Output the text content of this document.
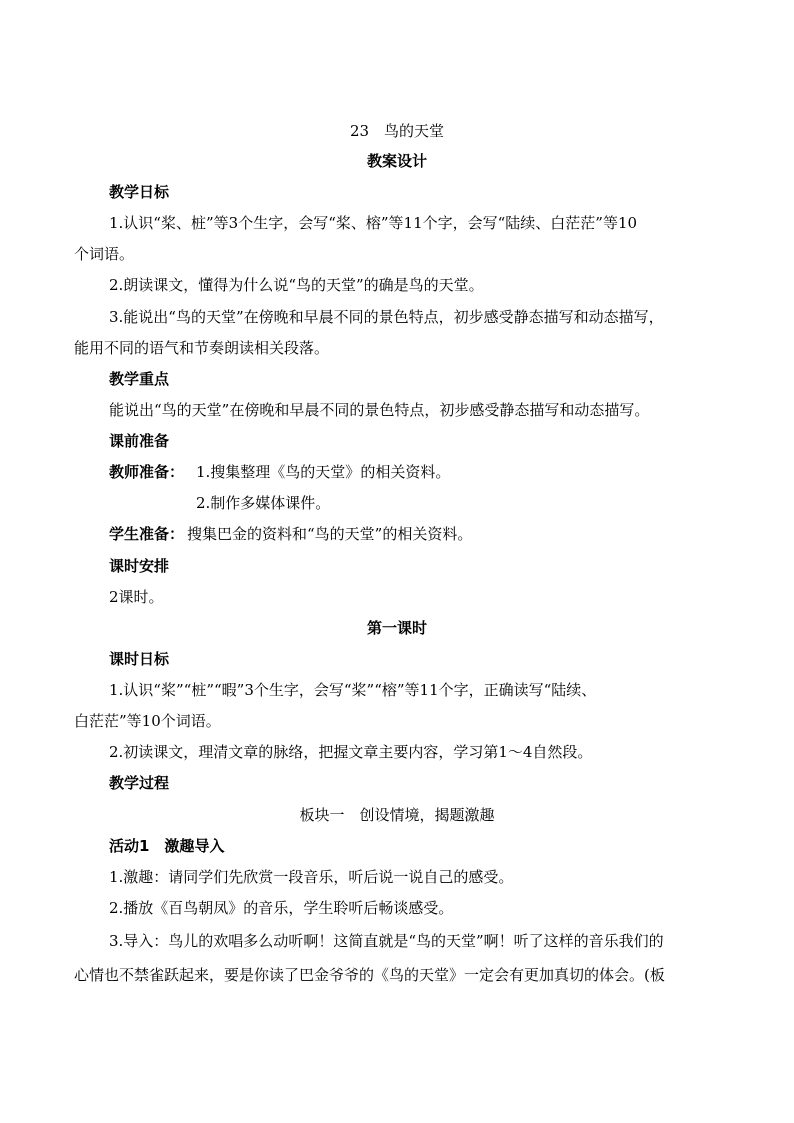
23　鸟的天堂
教案设计
教学日标
1.认识“桨、桩”等3个生字，会写“桨、榕”等11个字，会写“陆续、白茫茫”等10
个词语。
2.朗读课文，懂得为什么说“鸟的天堂”的确是鸟的天堂。
3.能说出“鸟的天堂”在傍晚和早晨不同的景色特点，初步感受静态描写和动态描写，
能用不同的语气和节奏朗读相关段落。
教学重点
能说出“鸟的天堂”在傍晚和早晨不同的景色特点，初步感受静态描写和动态描写。
课前准备
教师准备： 1.搜集整理《鸟的天堂》的相关资料。
2.制作多媒体课件。
学生准备： 搜集巴金的资料和“鸟的天堂”的相关资料。
课时安排
2课时。
第一课时
课时日标
1.认识“桨”“桩”“暇”3个生字，会写“桨”“榕”等11个字，正确读写“陆续、
白茫茫”等10个词语。
2.初读课文，理清文章的脉络，把握文章主要内容，学习第1～4自然段。
教学过程
板块一　创设情境，揭题激趣
活动1　激趣导入
1.激趣：请同学们先欣赏一段音乐，听后说一说自己的感受。
2.播放《百鸟朝凤》的音乐，学生聆听后畅谈感受。
3.导入：鸟儿的欢唱多么动听啊！这简直就是“鸟的天堂”啊！听了这样的音乐我们的
心情也不禁雀跃起来，要是你读了巴金爷爷的《鸟的天堂》一定会有更加真切的体会。(板
